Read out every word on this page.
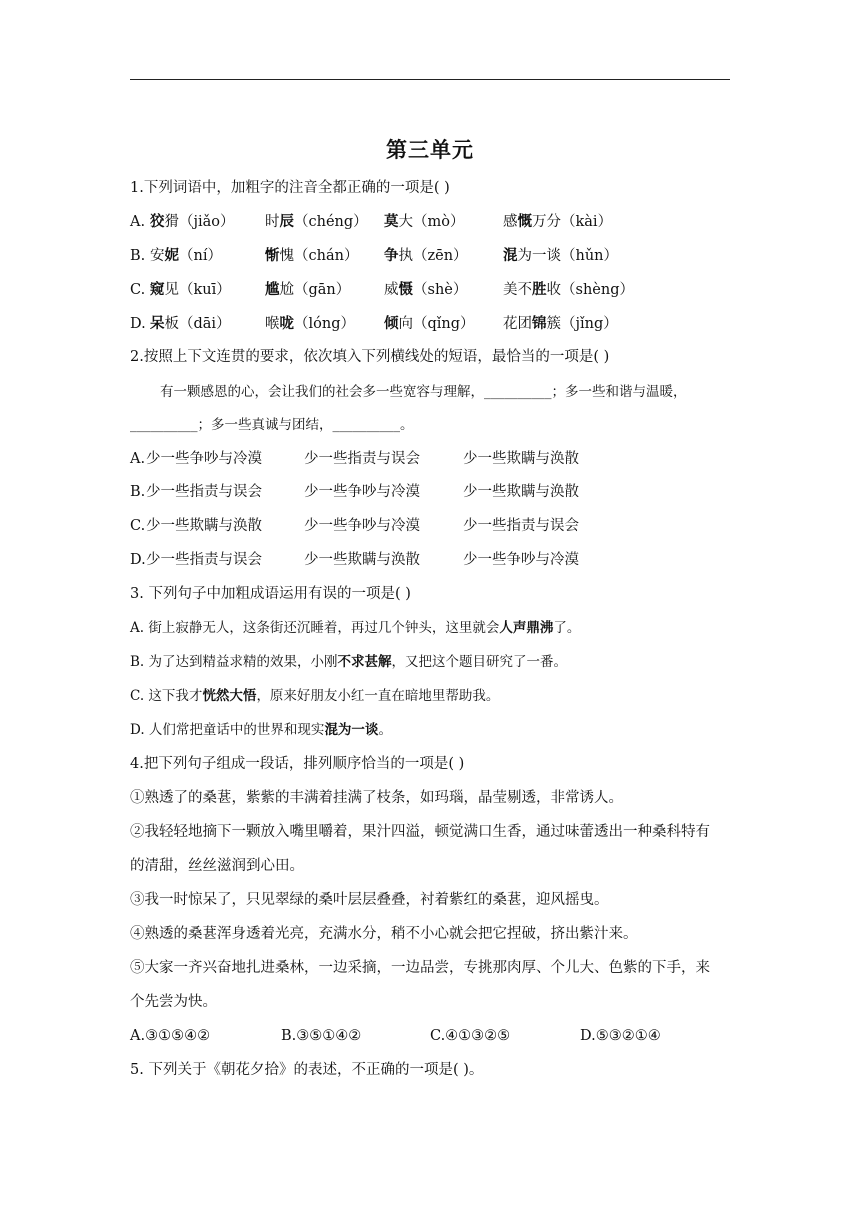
第三单元
1.下列词语中，加粗字的注音全都正确的一项是( )
A. 狡猾（jiǎo） 时辰（chéng） 莫大（mò）	感慨万分（kài）
B. 安妮（ní）	惭愧（chán） 争执（zēn） 混为一谈（hǔn）
C. 窥见（kuī） 尴尬（gān） 威慑（shè） 美不胜收（shèng）
D. 呆板（dāi） 喉咙（lóng） 倾向（qǐng） 花团锦簇（jǐng）
2.按照上下文连贯的要求，依次填入下列横线处的短语，最恰当的一项是( )
有一颗感恩的心，会让我们的社会多一些宽容与理解，__________；多一些和谐与温暖，
__________；多一些真诚与团结，__________。
A. 少一些争吵与冷漠	少一些指责与误会	少一些欺瞒与涣散
B. 少一些指责与误会	少一些争吵与冷漠	少一些欺瞒与涣散
C. 少一些欺瞒与涣散	少一些争吵与冷漠	少一些指责与误会
D. 少一些指责与误会	少一些欺瞒与涣散	少一些争吵与冷漠
3. 下列句子中加粗成语运用有误的一项是( )
A. 街上寂静无人，这条街还沉睡着，再过几个钟头，这里就会人声鼎沸了。
B. 为了达到精益求精的效果，小刚不求甚解，又把这个题目研究了一番。
C. 这下我才恍然大悟，原来好朋友小红一直在暗地里帮助我。
D. 人们常把童话中的世界和现实混为一谈。
4.把下列句子组成一段话，排列顺序恰当的一项是( )
①熟透了的桑葚，紫紫的丰满着挂满了枝条，如玛瑙，晶莹剔透，非常诱人。
②我轻轻地摘下一颗放入嘴里嚼着，果汁四溢，顿觉满口生香，通过味蕾透出一种桑科特有
的清甜，丝丝滋润到心田。
③我一时惊呆了，只见翠绿的桑叶层层叠叠，衬着紫红的桑葚，迎风摇曳。
④熟透的桑葚浑身透着光亮，充满水分，稍不小心就会把它捏破，挤出紫汁来。
⑤大家一齐兴奋地扎进桑林，一边采摘，一边品尝，专挑那肉厚、个儿大、色紫的下手，来
个先尝为快。
A.③①⑤④②	B.③⑤①④②	C.④①③②⑤	D.⑤③②①④
5. 下列关于《朝花夕拾》的表述，不正确的一项是( )。
